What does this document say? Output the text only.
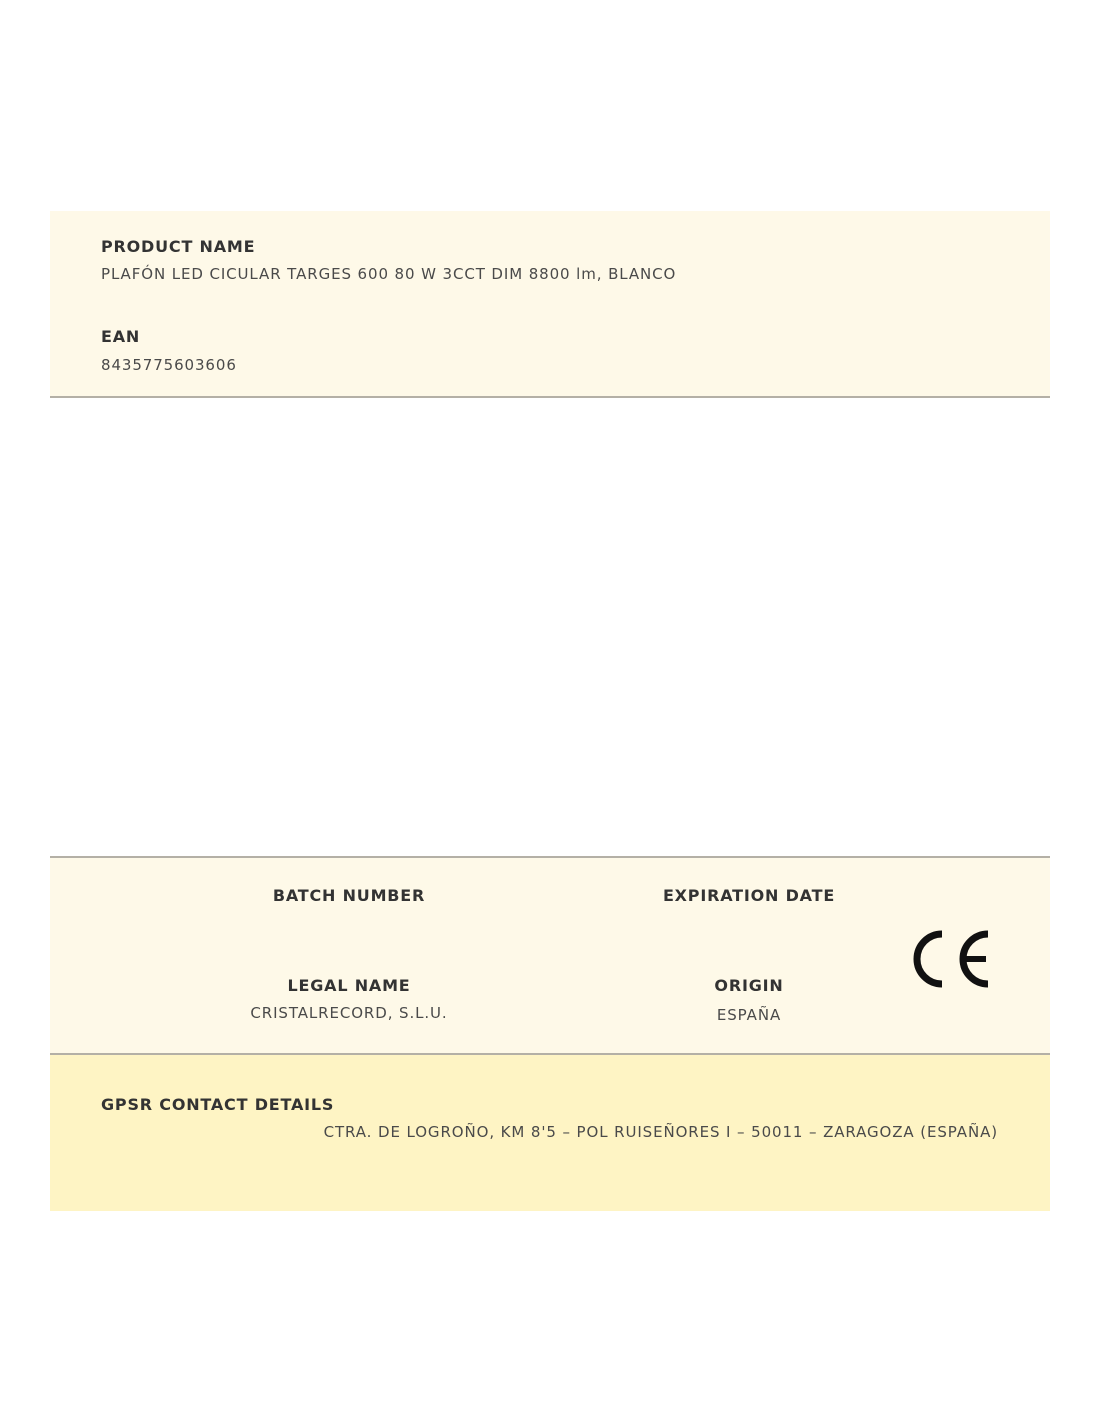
PRODUCT NAME
PLAFÓN LED CICULAR TARGES 600 80 W 3CCT DIM 8800 lm, BLANCO
EAN
8435775603606
BATCH NUMBER	EXPIRATION DATE
LEGAL NAME
CRISTALRECORD, S.L.U.
ORIGIN
ESPAÑA
GPSR CONTACT DETAILS
CTRA. DE LOGROÑO, KM 8'5 – POL RUISEÑORES I – 50011 – ZARAGOZA (ESPAÑA)
